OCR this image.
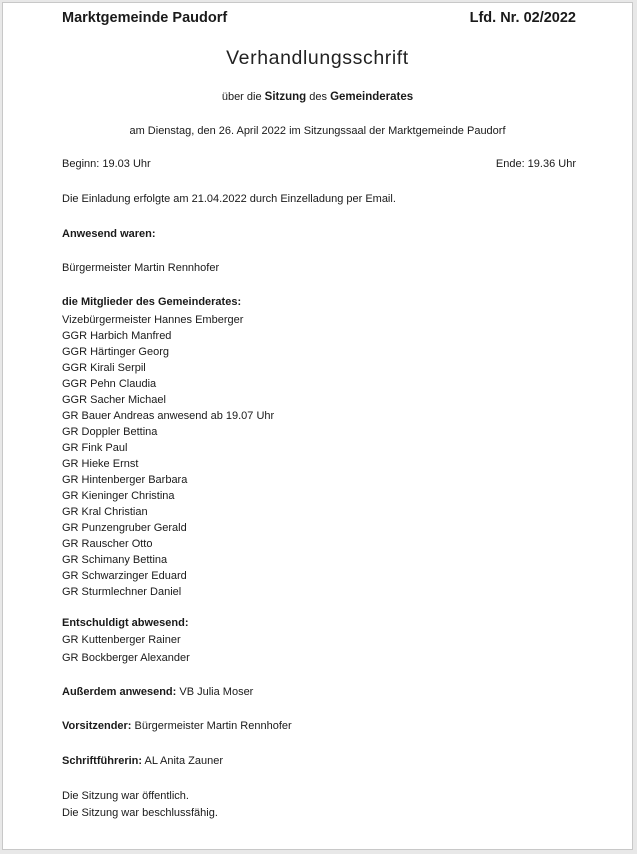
Marktgemeinde Paudorf	Lfd. Nr. 02/2022
Verhandlungsschrift
über die Sitzung des Gemeinderates
am Dienstag, den 26. April 2022 im Sitzungssaal der Marktgemeinde Paudorf
Beginn: 19.03 Uhr	Ende: 19.36 Uhr
Die Einladung erfolgte am 21.04.2022 durch Einzelladung per Email.
Anwesend waren:
Bürgermeister Martin Rennhofer
die Mitglieder des Gemeinderates:
Vizebürgermeister Hannes Emberger
GGR Harbich Manfred
GGR Härtinger Georg
GGR Kirali Serpil
GGR Pehn Claudia
GGR Sacher Michael
GR Bauer Andreas anwesend ab 19.07 Uhr
GR Doppler Bettina
GR Fink Paul
GR Hieke Ernst
GR Hintenberger Barbara
GR Kieninger Christina
GR Kral Christian
GR Punzengruber Gerald
GR Rauscher Otto
GR Schimany Bettina
GR Schwarzinger Eduard
GR Sturmlechner Daniel
Entschuldigt abwesend:
GR Kuttenberger Rainer
GR Bockberger Alexander
Außerdem anwesend: VB Julia Moser
Vorsitzender: Bürgermeister Martin Rennhofer
Schriftführerin: AL Anita Zauner
Die Sitzung war öffentlich.
Die Sitzung war beschlussfähig.
